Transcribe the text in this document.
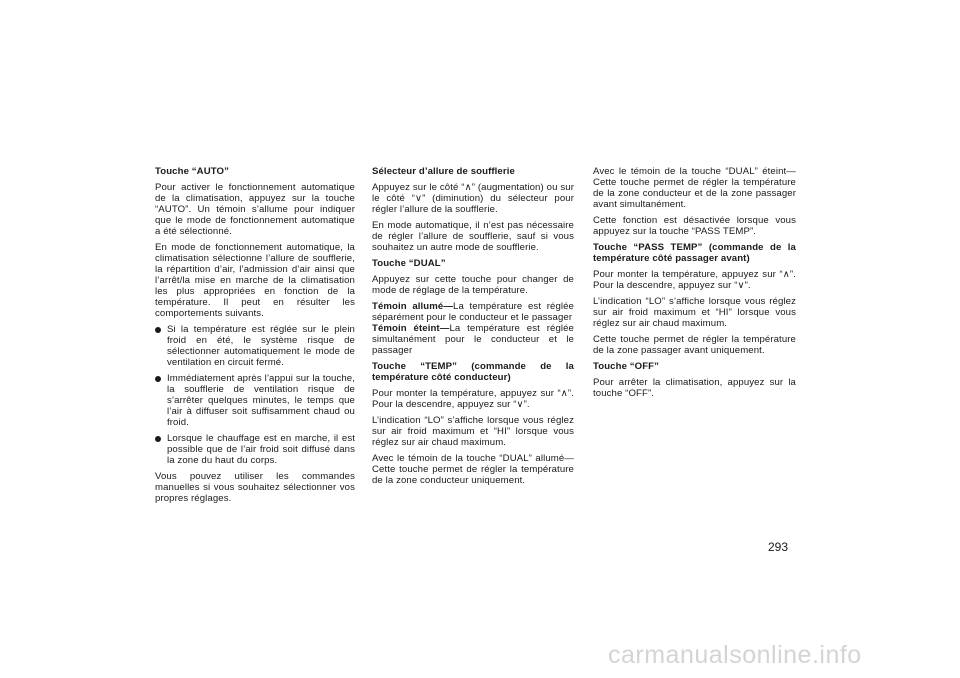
Touche “AUTO”

Pour activer le fonctionnement automatique de la climatisation, appuyez sur la touche “AUTO”. Un témoin s’allume pour indiquer que le mode de fonctionnement automatique a été sélectionné.

En mode de fonctionnement automatique, la climatisation sélectionne l’allure de soufflerie, la répartition d’air, l’admission d’air ainsi que l’arrêt/la mise en marche de la climatisation les plus appropriées en fonction de la température. Il peut en résulter les comportements suivants.

Si la température est réglée sur le plein froid en été, le système risque de sélectionner automatiquement le mode de ventilation en circuit fermé.
Immédiatement après l’appui sur la touche, la soufflerie de ventilation risque de s’arrêter quelques minutes, le temps que l’air à diffuser soit suffisamment chaud ou froid.
Lorsque le chauffage est en marche, il est possible que de l’air froid soit diffusé dans la zone du haut du corps.

Vous pouvez utiliser les commandes manuelles si vous souhaitez sélectionner vos propres réglages.

Sélecteur d’allure de soufflerie

Appuyez sur le côté “∧” (augmentation) ou sur le côté “∨” (diminution) du sélecteur pour régler l’allure de la soufflerie.

En mode automatique, il n’est pas nécessaire de régler l’allure de soufflerie, sauf si vous souhaitez un autre mode de soufflerie.

Touche “DUAL”

Appuyez sur cette touche pour changer de mode de réglage de la température.

Témoin allumé—La température est réglée séparément pour le conducteur et le passager

Témoin éteint—La température est réglée simultanément pour le conducteur et le passager

Touche “TEMP” (commande de la température côté conducteur)

Pour monter la température, appuyez sur “∧”. Pour la descendre, appuyez sur “∨”.

L’indication “LO” s’affiche lorsque vous réglez sur air froid maximum et “HI” lorsque vous réglez sur air chaud maximum.

Avec le témoin de la touche “DUAL” allumé—Cette touche permet de régler la température de la zone conducteur uniquement.

Avec le témoin de la touche “DUAL” éteint—Cette touche permet de régler la température de la zone conducteur et de la zone passager avant simultanément.

Cette fonction est désactivée lorsque vous appuyez sur la touche “PASS TEMP”.

Touche “PASS TEMP” (commande de la température côté passager avant)

Pour monter la température, appuyez sur “∧”. Pour la descendre, appuyez sur “∨”.

L’indication “LO” s’affiche lorsque vous réglez sur air froid maximum et “HI” lorsque vous réglez sur air chaud maximum.

Cette touche permet de régler la température de la zone passager avant uniquement.

Touche “OFF”

Pour arrêter la climatisation, appuyez sur la touche “OFF”.

293
carmanualsonline.info
